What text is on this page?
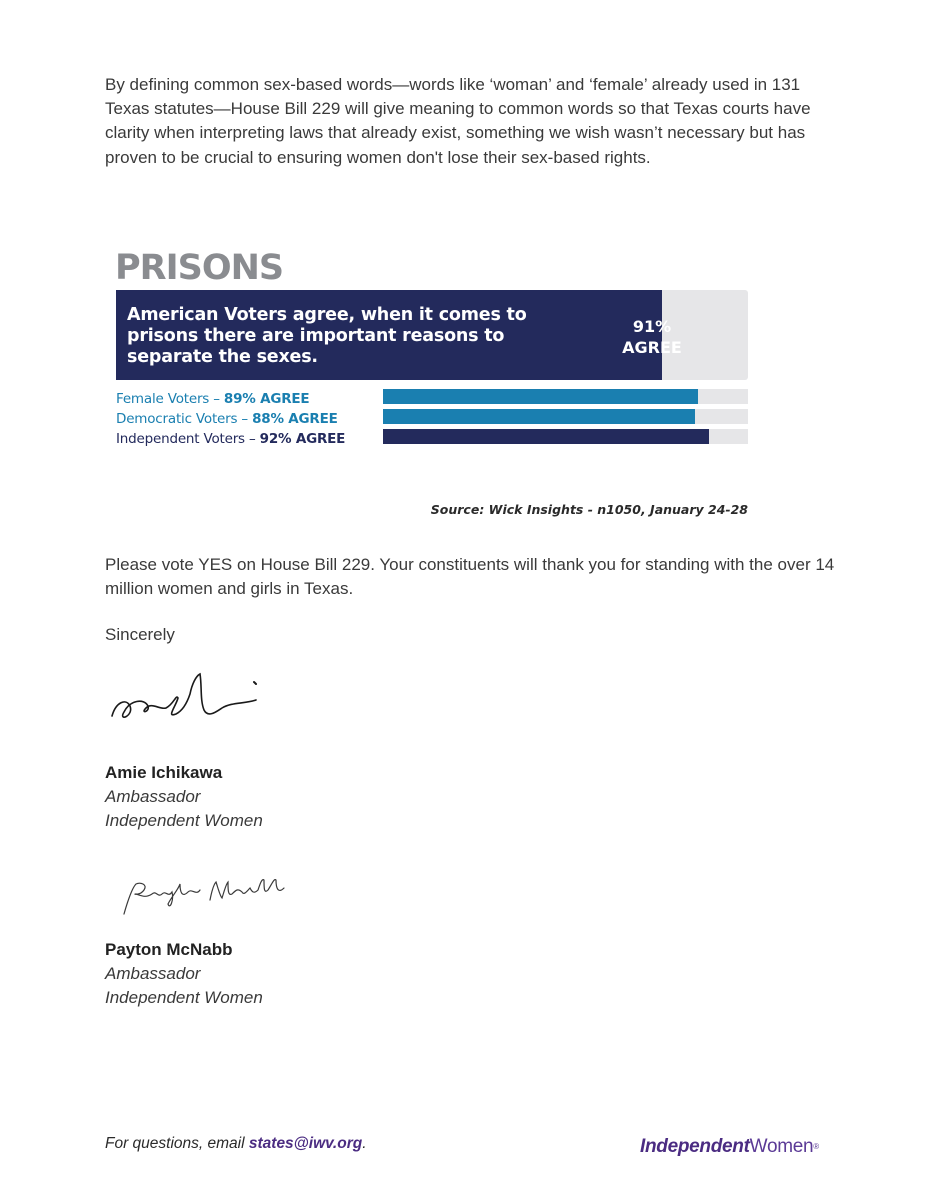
By defining common sex-based words—words like ‘woman’ and ‘female’ already used in 131 Texas statutes—House Bill 229 will give meaning to common words so that Texas courts have clarity when interpreting laws that already exist, something we wish wasn’t necessary but has proven to be crucial to ensuring women don't lose their sex-based rights.

PRISONS
American Voters agree, when it comes to prisons there are important reasons to separate the sexes.
91%
AGREE
Female Voters – 89% AGREE
Democratic Voters – 88% AGREE
Independent Voters – 92% AGREE
Source: Wick Insights - n1050, January 24-28

Please vote YES on House Bill 229. Your constituents will thank you for standing with the over 14 million women and girls in Texas.

Sincerely

Amie Ichikawa
Ambassador
Independent Women
Payton McNabb
Ambassador
Independent Women
For questions, email states@iwv.org.	IndependentWomen®
